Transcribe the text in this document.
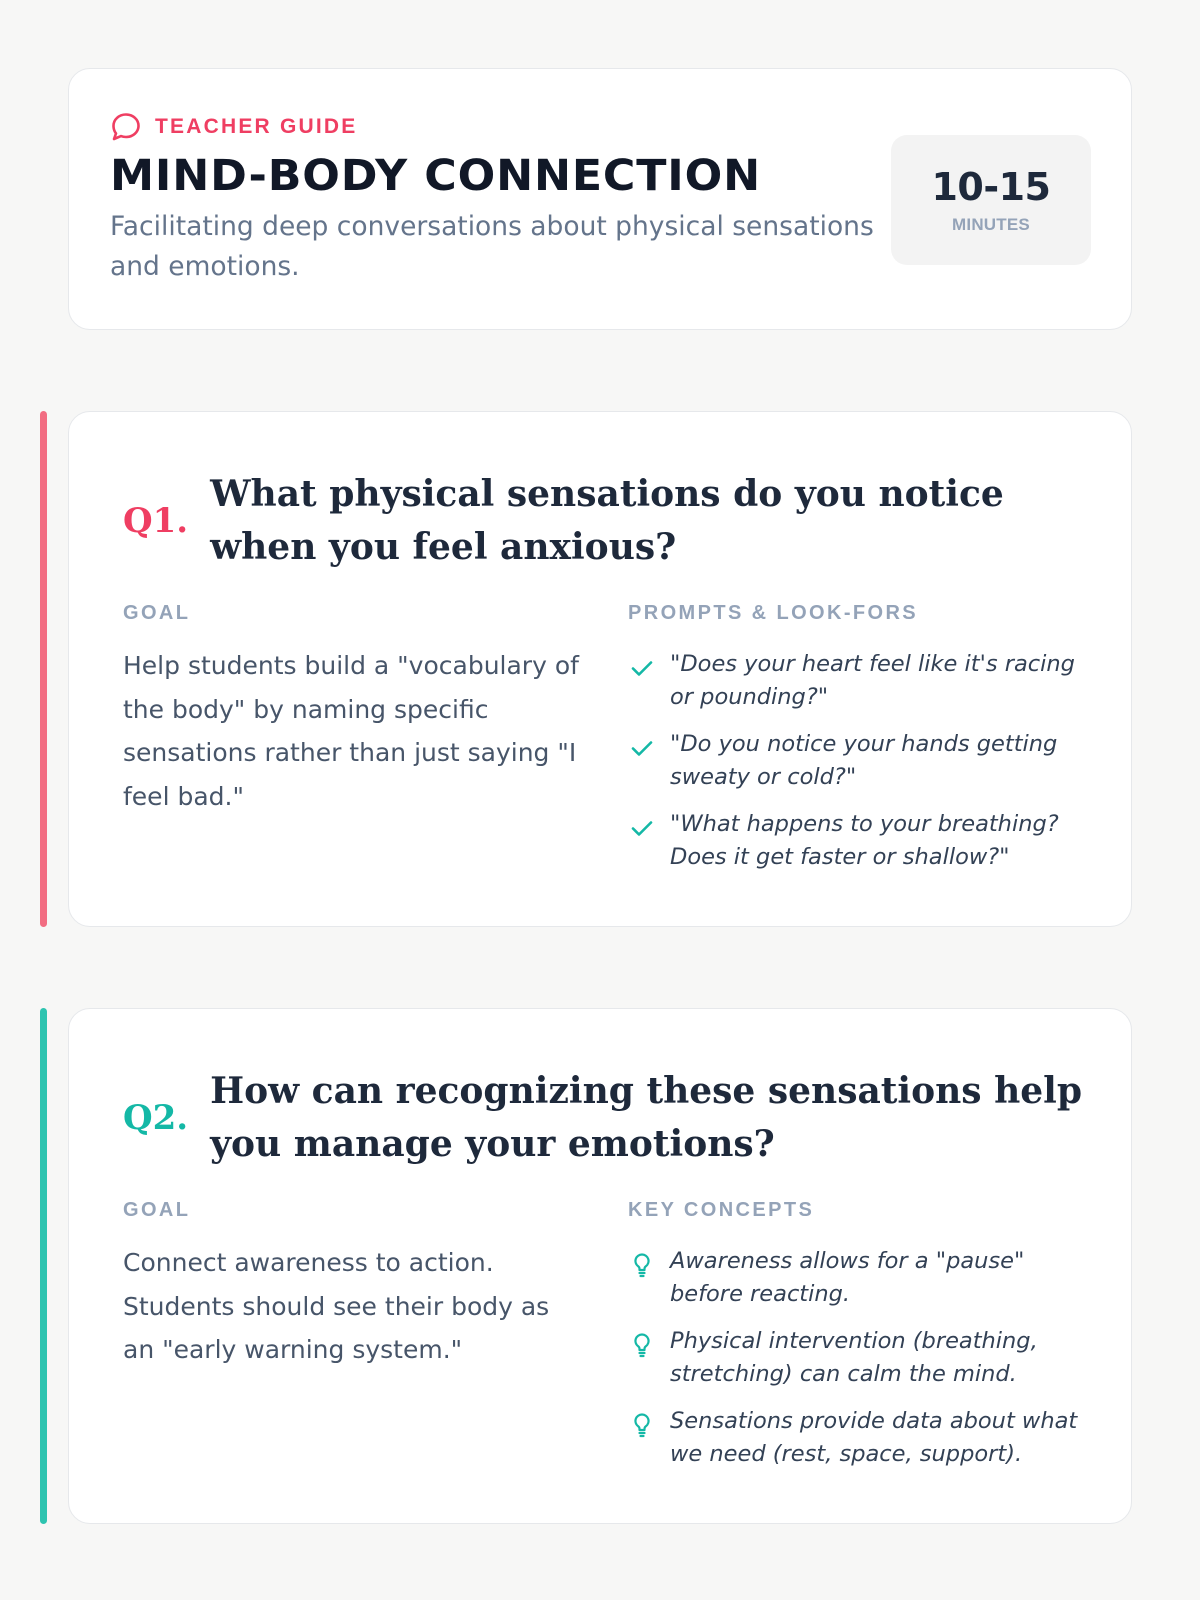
TEACHER GUIDE
MIND-BODY CONNECTION

Facilitating deep conversations about physical sensations and emotions.

10-15
MINUTES
Q1.
What physical sensations do you notice when you feel anxious?
GOAL	PROMPTS & LOOK-FORS

Help students build a "vocabulary of the body" by naming specific sensations rather than just saying "I feel bad."

"Does your heart feel like it's racing or pounding?"
"Do you notice your hands getting sweaty or cold?"
"What happens to your breathing? Does it get faster or shallow?"
Q2.
How can recognizing these sensations help you manage your emotions?
GOAL	KEY CONCEPTS

Connect awareness to action. Students should see their body as an "early warning system."

Awareness allows for a "pause" before reacting.
Physical intervention (breathing, stretching) can calm the mind.
Sensations provide data about what we need (rest, space, support).
